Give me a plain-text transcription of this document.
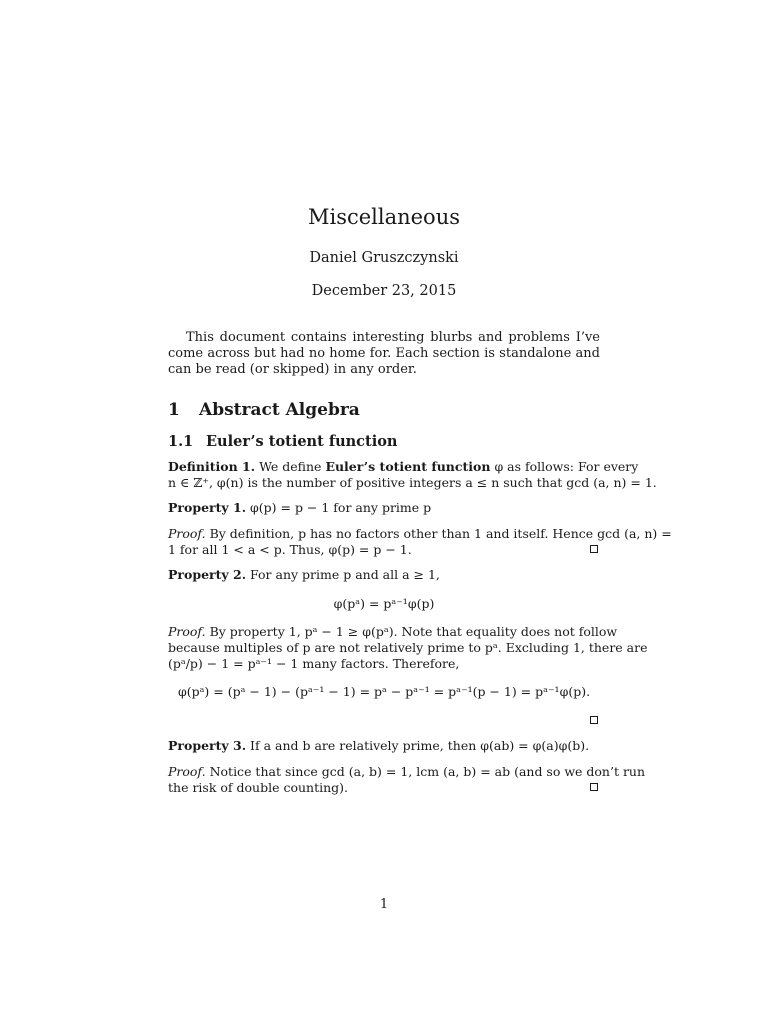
Miscellaneous
Daniel Gruszczynski
December 23, 2015
This document contains interesting blurbs and problems I’ve come across but had no home for. Each section is standalone and can be read (or skipped) in any order.
1 Abstract Algebra
1.1 Euler’s totient function
Definition 1. We define Euler’s totient function φ as follows: For every
n ∈ ℤ⁺, φ(n) is the number of positive integers a ≤ n such that gcd (a, n) = 1.
Property 1. φ(p) = p − 1 for any prime p
Proof. By definition, p has no factors other than 1 and itself. Hence gcd (a, n) =
1 for all 1 < a < p. Thus, φ(p) = p − 1.
Property 2. For any prime p and all a ≥ 1,
φ(pᵃ) = pᵃ⁻¹φ(p)
Proof. By property 1, pᵃ − 1 ≥ φ(pᵃ). Note that equality does not follow
because multiples of p are not relatively prime to pᵃ. Excluding 1, there are
(pᵃ/p) − 1 = pᵃ⁻¹ − 1 many factors. Therefore,
φ(pᵃ) = (pᵃ − 1) − (pᵃ⁻¹ − 1) = pᵃ − pᵃ⁻¹ = pᵃ⁻¹(p − 1) = pᵃ⁻¹φ(p).
Property 3. If a and b are relatively prime, then φ(ab) = φ(a)φ(b).
Proof. Notice that since gcd (a, b) = 1, lcm (a, b) = ab (and so we don’t run
the risk of double counting).
1
